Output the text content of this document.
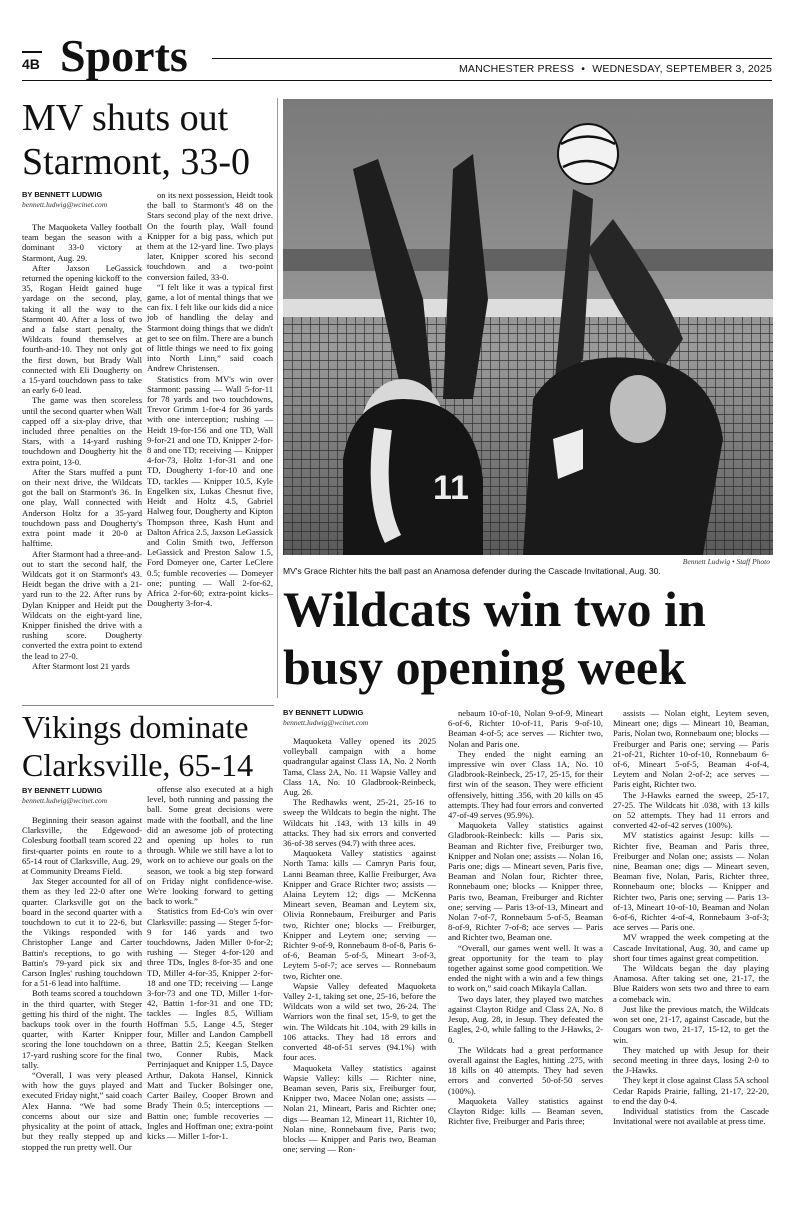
4B Sports	MANCHESTER PRESS • WEDNESDAY, SEPTEMBER 3, 2025
MV shuts out Starmont, 33-0
BY BENNETT LUDWIG
bennett.ludwig@wcinet.com

The Maquoketa Valley football team began the season with a dominant 33-0 victory at Starmont, Aug. 29.

After Jaxson LeGassick returned the opening kickoff to the 35, Rogan Heidt gained huge yardage on the second, play, taking it all the way to the Starmont 40. After a loss of two and a false start penalty, the Wildcats found themselves at fourth-and-10. They not only got the first down, but Brady Wall connected with Eli Dougherty on a 15-yard touchdown pass to take an early 6-0 lead.

The game was then scoreless until the second quarter when Wall capped off a six-play drive, that included three penalties on the Stars, with a 14-yard rushing touchdown and Dougherty hit the extra point, 13-0.

After the Stars muffed a punt on their next drive, the Wildcats got the ball on Starmont's 36. In one play, Wall connected with Anderson Holtz for a 35-yard touchdown pass and Dougherty's extra point made it 20-0 at halftime.

After Starmont had a three-and-out to start the second half, the Wildcats got it on Starmont's 43. Heidt began the drive with a 21-yard run to the 22. After runs by Dylan Knipper and Heidt put the Wildcats on the eight-yard line, Knipper finished the drive with a rushing score. Dougherty converted the extra point to extend the lead to 27-0.

After Starmont lost 21 yards

on its next possession, Heidt took the ball to Starmont's 48 on the Stars second play of the next drive. On the fourth play, Wall found Knipper for a big pass, which put them at the 12-yard line. Two plays later, Knipper scored his second touchdown and a two-point conversion failed, 33-0.

“I felt like it was a typical first game, a lot of mental things that we can fix. I felt like our kids did a nice job of handling the delay and Starmont doing things that we didn't get to see on film. There are a bunch of little things we need to fix going into North Linn,” said coach Andrew Christensen.

Statistics from MV's win over Starmont: passing — Wall 5-for-11 for 78 yards and two touchdowns, Trevor Grimm 1-for-4 for 36 yards with one interception; rushing — Heidt 19-for-156 and one TD, Wall 9-for-21 and one TD, Knipper 2-for-8 and one TD; receiving — Knipper 4-for-73, Holtz 1-for-31 and one TD, Dougherty 1-for-10 and one TD, tackles — Knipper 10.5, Kyle Engelken six, Lukas Chesnut five, Heidt and Holtz 4.5, Gabriel Halweg four, Dougherty and Kipton Thompson three, Kash Hunt and Dalton Africa 2.5, Jaxson LeGassick and Colin Smith two, Jefferson LeGassick and Preston Salow 1.5, Ford Domeyer one, Carter LeClere 0.5; fumble recoveries — Domeyer one; punting — Wall 2-for-62, Africa 2-for-60; extra-point kicks– Dougherty 3-for-4.

Vikings dominate Clarksville, 65-14
BY BENNETT LUDWIG
bennett.ludwig@wcinet.com

Beginning their season against Clarksville, the Edgewood-Colesburg football team scored 22 first-quarter points en route to a 65-14 rout of Clarksville, Aug. 29, at Community Dreams Field.

Jax Steger accounted for all of them as they led 22-0 after one quarter. Clarksville got on the board in the second quarter with a touchdown to cut it to 22-6, but the Vikings responded with Christopher Lange and Carter Battin's receptions, to go with Battin's 79-yard pick six and Carson Ingles' rushing touchdown for a 51-6 lead into halftime.

Both teams scored a touchdown in the third quarter, with Steger getting his third of the night. The backups took over in the fourth quarter, with Karter Knipper scoring the lone touchdown on a 17-yard rushing score for the final tally.

“Overall, I was very pleased with how the guys played and executed Friday night,” said coach Alex Hanna. “We had some concerns about our size and physicality at the point of attack, but they really stepped up and stopped the run pretty well. Our

offense also executed at a high level, both running and passing the ball. Some great decisions were made with the football, and the line did an awesome job of protecting and opening up holes to run through. While we still have a lot to work on to achieve our goals on the season, we took a big step forward on Friday night confidence-wise. We're looking forward to getting back to work.”

Statistics from Ed-Co's win over Clarksville: passing — Steger 5-for-9 for 146 yards and two touchdowns, Jaden Miller 0-for-2; rushing — Steger 4-for-120 and three TDs, Ingles 8-for-35 and one TD, Miller 4-for-35, Knipper 2-for-18 and one TD; receiving — Lange 3-for-73 and one TD, Miller 1-for-42, Battin 1-for-31 and one TD; tackles — Ingles 8.5, William Hoffman 5.5, Lange 4.5, Steger four, Miller and Landon Campbell three, Battin 2.5, Keegan Stelken two, Conner Rubis, Mack Perrinjaquet and Knipper 1.5, Dayce Arthur, Dakota Hansel, Kinnick Matt and Tucker Bolsinger one, Carter Bailey, Cooper Brown and Brady Thein 0.5; interceptions — Battin one; fumble recoveries — Ingles and Hoffman one; extra-point kicks — Miller 1-for-1.

11
Bennett Ludwig • Staff Photo
MV's Grace Richter hits the ball past an Anamosa defender during the Cascade Invitational, Aug. 30.
Wildcats win two in busy opening week
BY BENNETT LUDWIG
bennett.ludwig@wcinet.com

Maquoketa Valley opened its 2025 volleyball campaign with a home quadrangular against Class 1A, No. 2 North Tama, Class 2A, No. 11 Wapsie Valley and Class 1A, No. 10 Gladbrook-Reinbeck, Aug. 26.

The Redhawks went, 25-21, 25-16 to sweep the Wildcats to begin the night. The Wildcats hit .143, with 13 kills in 49 attacks. They had six errors and converted 36-of-38 serves (94.7) with three aces.

Maquoketa Valley statistics against North Tama: kills — Camryn Paris four, Lanni Beaman three, Kallie Freiburger, Ava Knipper and Grace Richter two; assists — Alaina Leytem 12; digs — McKenna Mineart seven, Beaman and Leytem six, Olivia Ronnebaum, Freiburger and Paris two, Richter one; blocks — Freiburger, Knipper and Leytem one; serving — Richter 9-of-9, Ronnebaum 8-of-8, Paris 6-of-6, Beaman 5-of-5, Mineart 3-of-3, Leytem 5-of-7; ace serves — Ronnebaum two, Richter one.

Wapsie Valley defeated Maquoketa Valley 2-1, taking set one, 25-16, before the Wildcats won a wild set two, 26-24. The Warriors won the final set, 15-9, to get the win. The Wildcats hit .104, with 29 kills in 106 attacks. They had 18 errors and converted 48-of-51 serves (94.1%) with four aces.

Maquoketa Valley statistics against Wapsie Valley: kills — Richter nine, Beaman seven, Paris six, Freiburger four, Knipper two, Macee Nolan one; assists — Nolan 21, Mineart, Paris and Richter one; digs — Beaman 12, Mineart 11, Richter 10, Nolan nine, Ronnebaum five, Paris two; blocks — Knipper and Paris two, Beaman one; serving — Ron-

nebaum 10-of-10, Nolan 9-of-9, Mineart 6-of-6, Richter 10-of-11, Paris 9-of-10, Beaman 4-of-5; ace serves — Richter two, Nolan and Paris one.

They ended the night earning an impressive win over Class 1A, No. 10 Gladbrook-Reinbeck, 25-17, 25-15, for their first win of the season. They were efficient offensively, hitting .356, with 20 kills on 45 attempts. They had four errors and converted 47-of-49 serves (95.9%).

Maquoketa Valley statistics against Gladbrook-Reinbeck: kills — Paris six, Beaman and Richter five, Freiburger two, Knipper and Nolan one; assists — Nolan 16, Paris one; digs — Mineart seven, Paris five, Beaman and Nolan four, Richter three, Ronnebaum one; blocks — Knipper three, Paris two, Beaman, Freiburger and Richter one; serving — Paris 13-of-13, Mineart and Nolan 7-of-7, Ronnebaum 5-of-5, Beaman 8-of-9, Richter 7-of-8; ace serves — Paris and Richter two, Beaman one.

“Overall, our games went well. It was a great opportunity for the team to play together against some good competition. We ended the night with a win and a few things to work on,” said coach Mikayla Callan.

Two days later, they played two matches against Clayton Ridge and Class 2A, No. 8 Jesup, Aug. 28, in Jesup. They defeated the Eagles, 2-0, while falling to the J-Hawks, 2-0.

The Wildcats had a great performance overall against the Eagles, hitting .275, with 18 kills on 40 attempts. They had seven errors and converted 50-of-50 serves (100%).

Maquoketa Valley statistics against Clayton Ridge: kills — Beaman seven, Richter five, Freiburger and Paris three;

assists — Nolan eight, Leytem seven, Mineart one; digs — Mineart 10, Beaman, Paris, Nolan two, Ronnebaum one; blocks — Freiburger and Paris one; serving — Paris 21-of-21, Richter 10-of-10, Ronnebaum 6-of-6, Mineart 5-of-5, Beaman 4-of-4, Leytem and Nolan 2-of-2; ace serves — Paris eight, Richter two.

The J-Hawks earned the sweep, 25-17, 27-25. The Wildcats hit .038, with 13 kills on 52 attempts. They had 11 errors and converted 42-of-42 serves (100%).

MV statistics against Jesup: kills — Richter five, Beaman and Paris three, Freiburger and Nolan one; assists — Nolan nine, Beaman one; digs — Mineart seven, Beaman five, Nolan, Paris, Richter three, Ronnebaum one; blocks — Knipper and Richter two, Paris one; serving — Paris 13-of-13, Mineart 10-of-10, Beaman and Nolan 6-of-6, Richter 4-of-4, Ronnebaum 3-of-3; ace serves — Paris one.

MV wrapped the week competing at the Cascade Invitational, Aug. 30, and came up short four times against great competition.

The Wildcats began the day playing Anamosa. After taking set one, 21-17, the Blue Raiders won sets two and three to earn a comeback win.

Just like the previous match, the Wildcats won set one, 21-17, against Cascade, but the Cougars won two, 21-17, 15-12, to get the win.

They matched up with Jesup for their second meeting in three days, losing 2-0 to the J-Hawks.

They kept it close against Class 5A school Cedar Rapids Prairie, falling, 21-17, 22-20, to end the day 0-4.

Individual statistics from the Cascade Invitational were not available at press time.
